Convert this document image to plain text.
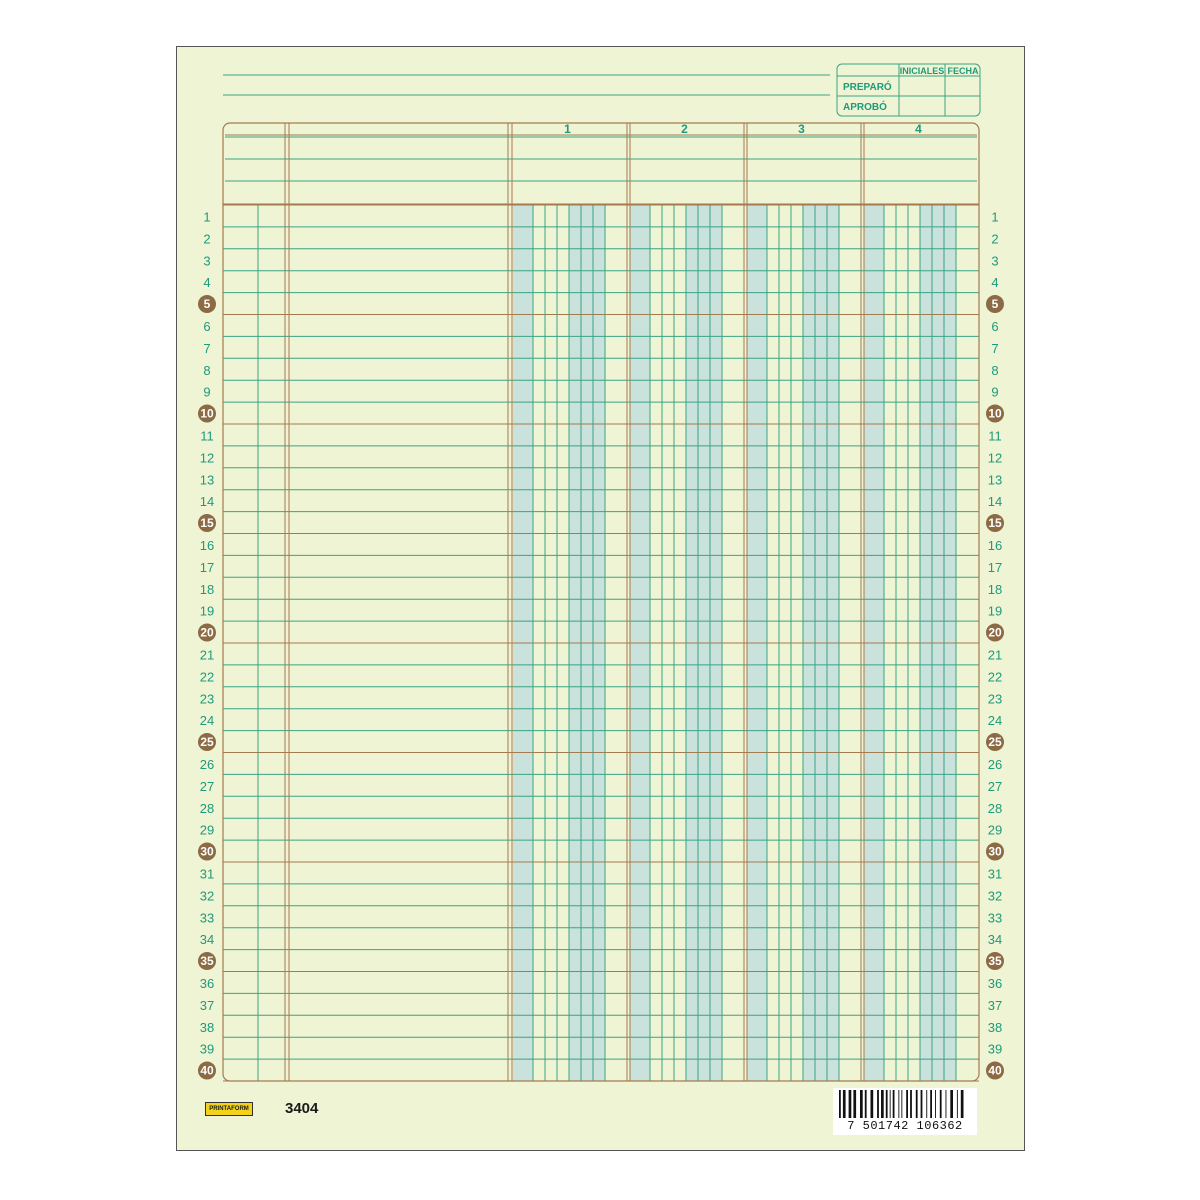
INICIALES FECHA
PREPARÓ
APROBÓ
1	2	3	4
1	1
2	2
3	3
4	4
5	5
6	6
7	7
8	8
9	9
10	10
11	11
12	12
13	13
14	14
15	15
16	16
17	17
18	18
19	19
20	20
21	21
22	22
23	23
24	24
25	25
26	26
27	27
28	28
29	29
30	30
31	31
32	32
33	33
34	34
35	35
36	36
37	37
38	38
39	39
40	40
PRINTAFORM 3404
7 501742 106362
